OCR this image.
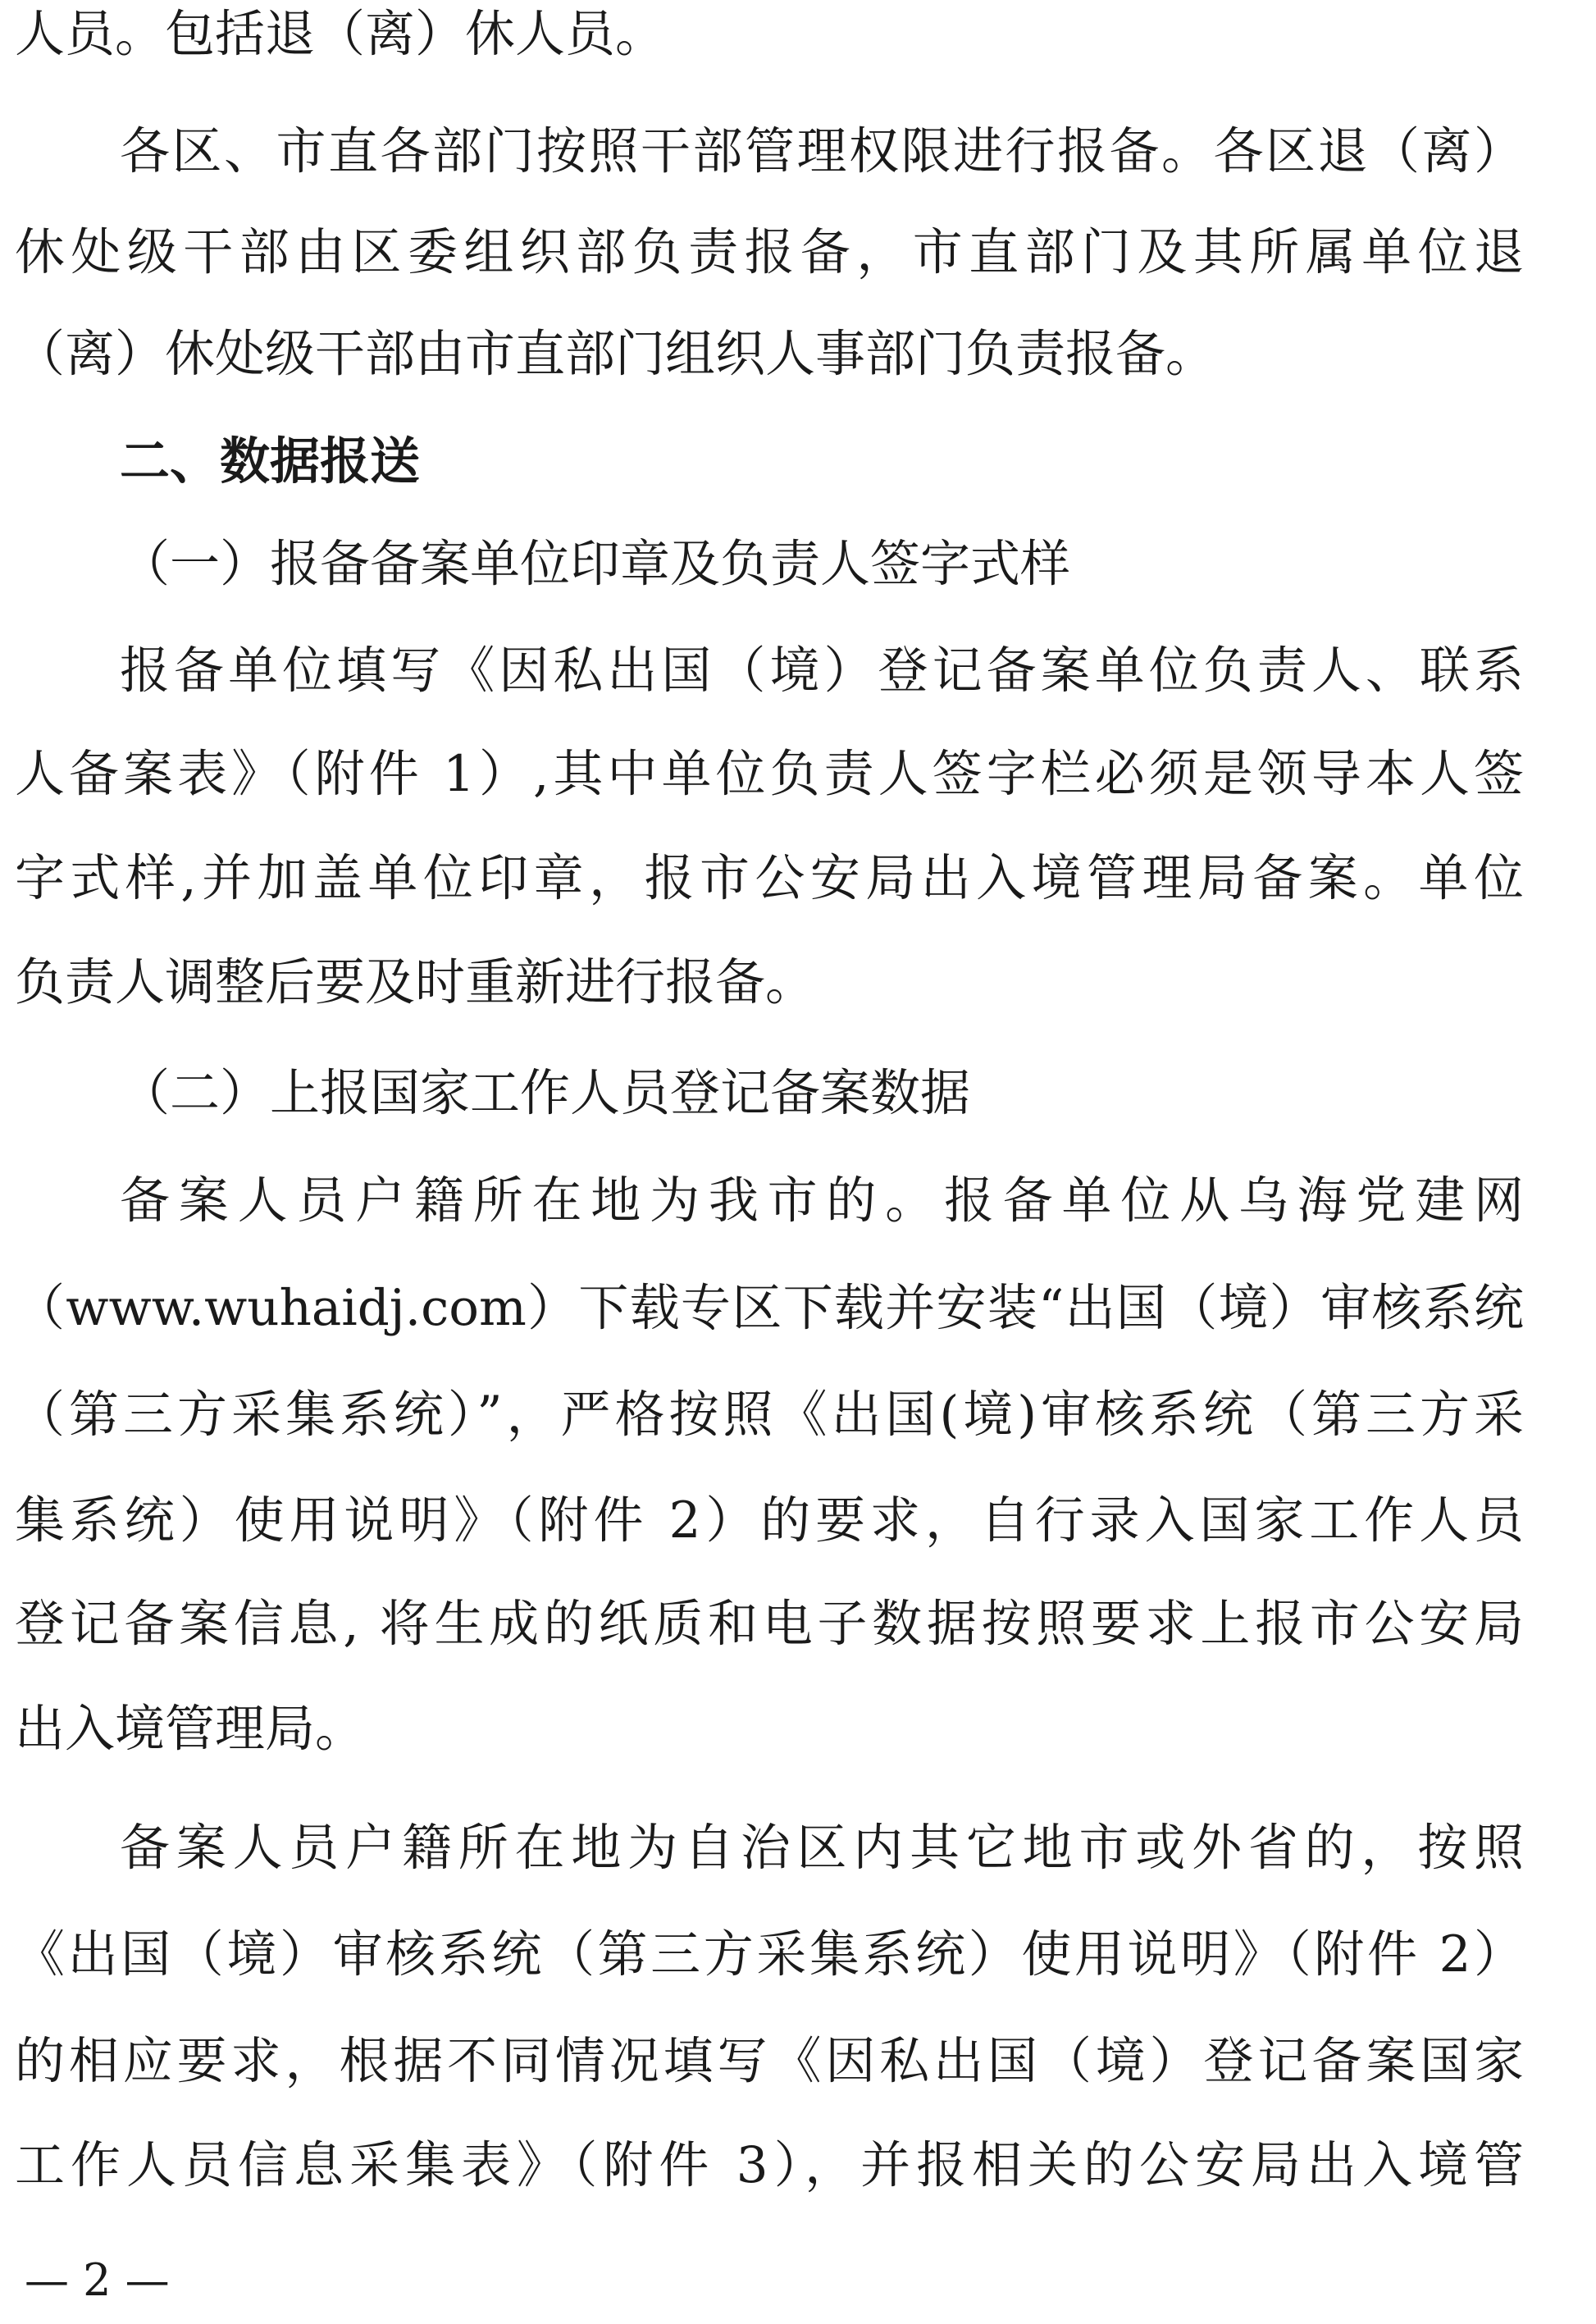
人员。包括退（离）休人员。
各区、市直各部门按照干部管理权限进行报备。各区退（离）
休处级干部由区委组织部负责报备，市直部门及其所属单位退
（离）休处级干部由市直部门组织人事部门负责报备。
二、数据报送
（一）报备备案单位印章及负责人签字式样
报备单位填写《因私出国（境）登记备案单位负责人、联系
人备案表》（附件 1）,其中单位负责人签字栏必须是领导本人签
字式样,并加盖单位印章，报市公安局出入境管理局备案。单位
负责人调整后要及时重新进行报备。
（二）上报国家工作人员登记备案数据
备案人员户籍所在地为我市的。报备单位从乌海党建网
（www.wuhaidj.com）下载专区下载并安装“出国（境）审核系统
（第三方采集系统）”，严格按照《出国(境)审核系统（第三方采
集系统）使用说明》（附件 2）的要求，自行录入国家工作人员
登记备案信息, 将生成的纸质和电子数据按照要求上报市公安局
出入境管理局。
备案人员户籍所在地为自治区内其它地市或外省的，按照
《出国（境）审核系统（第三方采集系统）使用说明》（附件 2）
的相应要求，根据不同情况填写《因私出国（境）登记备案国家
工作人员信息采集表》（附件 3），并报相关的公安局出入境管
— 2 —
